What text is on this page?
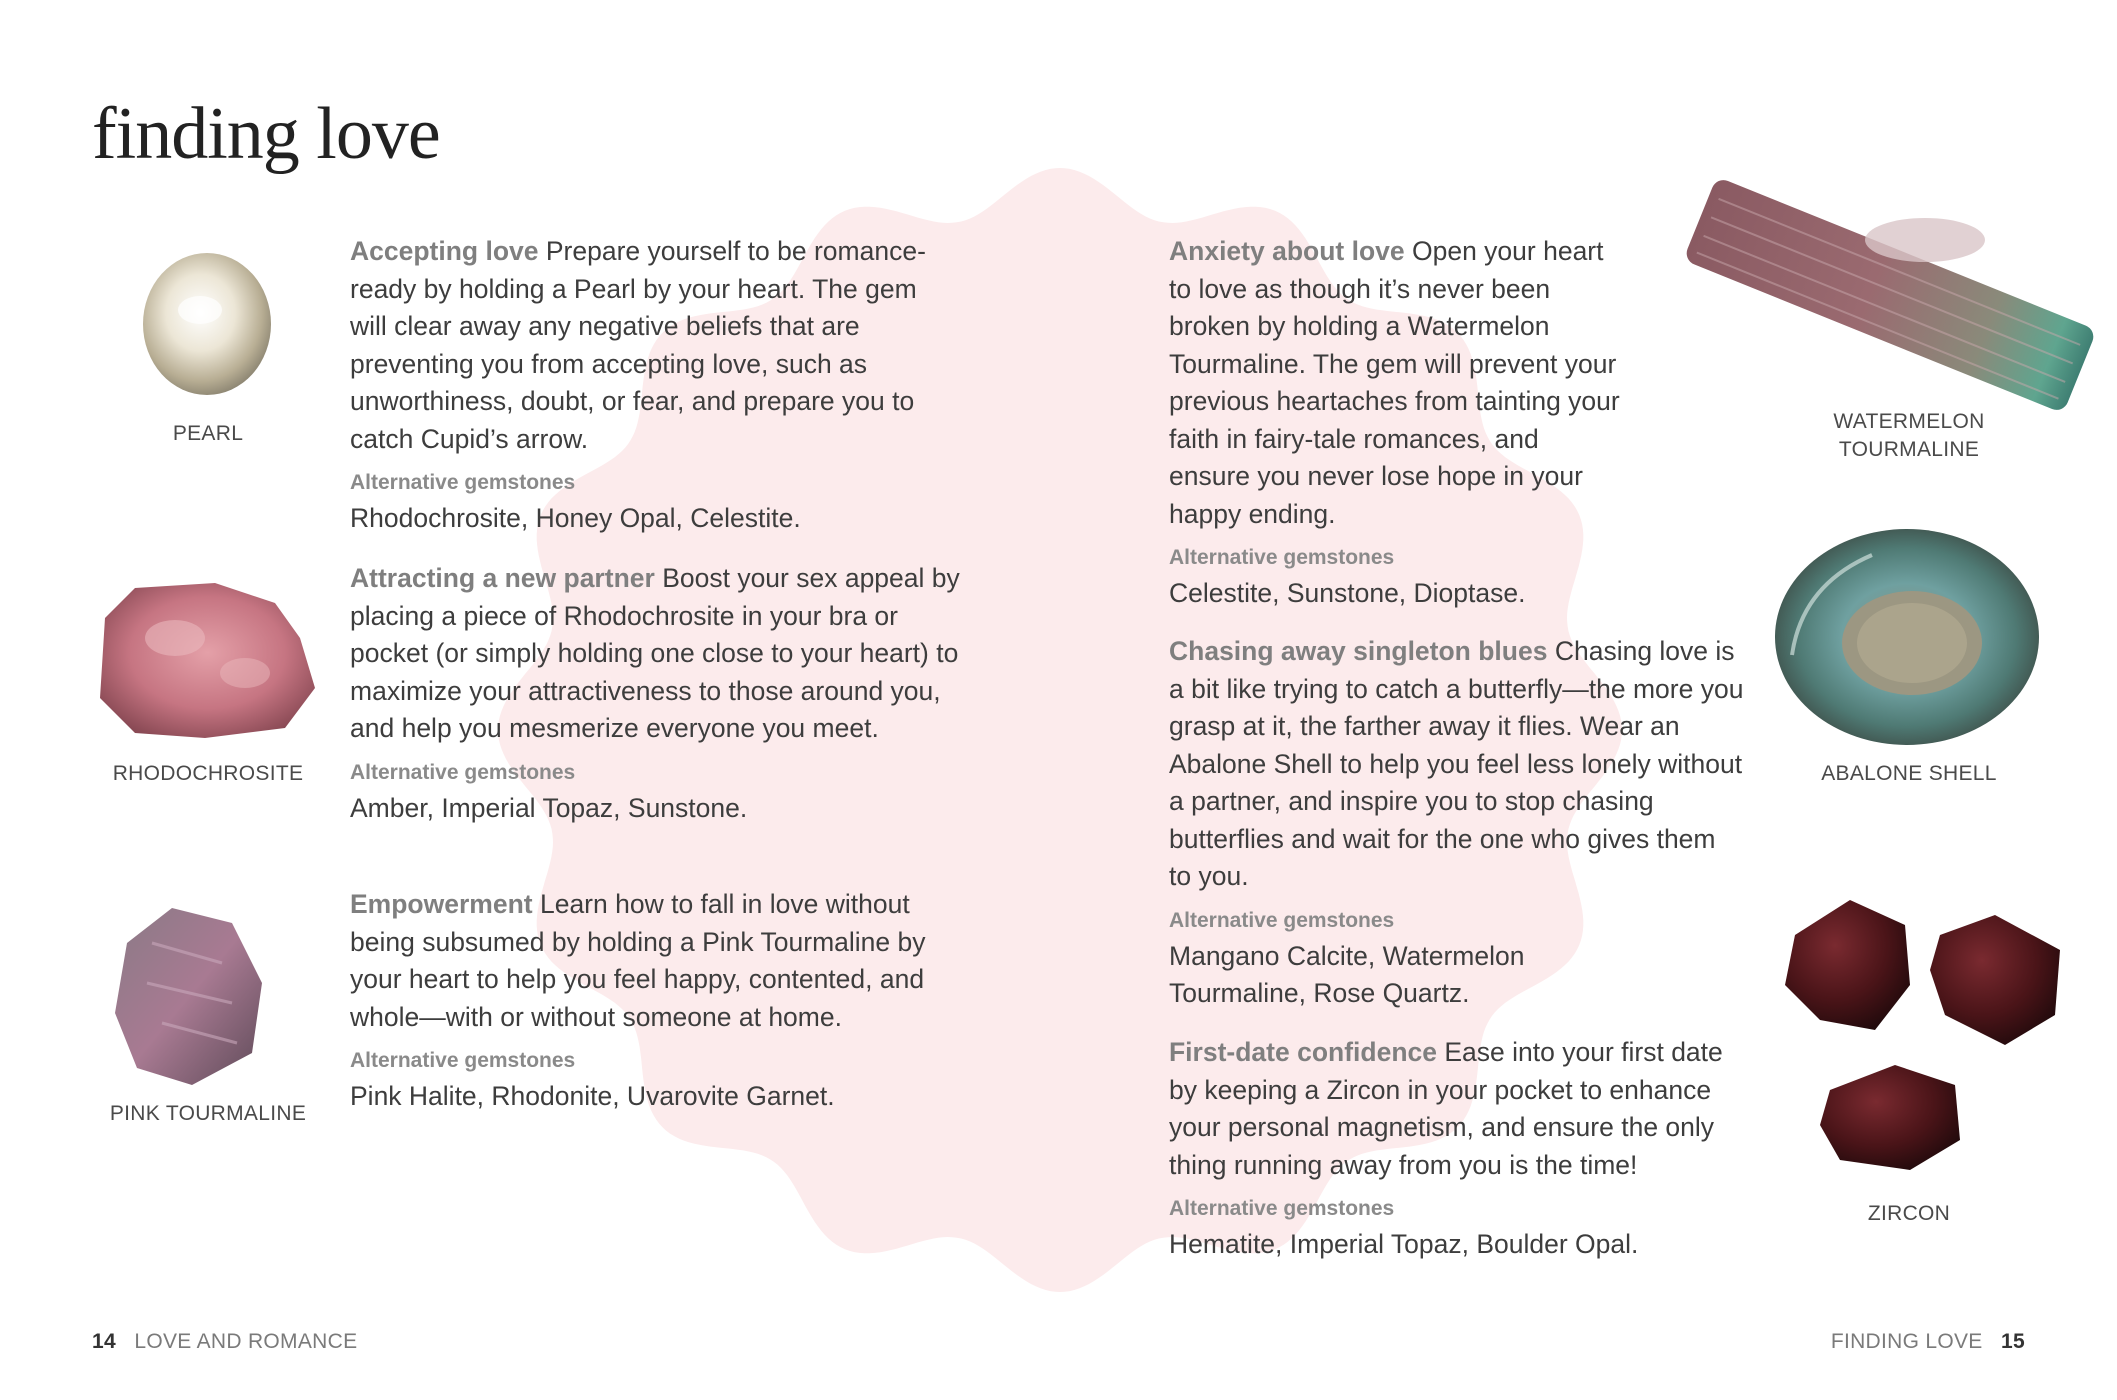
finding love
PEARL
RHODOCHROSITE
PINK TOURMALINE
WATERMELON
TOURMALINE
ABALONE SHELL
ZIRCON

Accepting love Prepare yourself to be romance-ready by holding a Pearl by your heart. The gem will clear away any negative beliefs that are preventing you from accepting love, such as unworthiness, doubt, or fear, and prepare you to catch Cupid’s arrow.

Alternative gemstones
Rhodochrosite, Honey Opal, Celestite.

Attracting a new partner Boost your sex appeal by placing a piece of Rhodochrosite in your bra or pocket (or simply holding one close to your heart) to maximize your attractiveness to those around you, and help you mesmerize everyone you meet.

Alternative gemstones
Amber, Imperial Topaz, Sunstone.

Empowerment Learn how to fall in love without being subsumed by holding a Pink Tourmaline by your heart to help you feel happy, contented, and whole—with or without someone at home.

Alternative gemstones
Pink Halite, Rhodonite, Uvarovite Garnet.

Anxiety about love Open your heart to love as though it’s never been broken by holding a Watermelon Tourmaline. The gem will prevent your previous heartaches from tainting your faith in fairy-tale romances, and ensure you never lose hope in your happy ending.

Alternative gemstones
Celestite, Sunstone, Dioptase.

Chasing away singleton blues Chasing love is a bit like trying to catch a butterfly—the more you grasp at it, the farther away it flies. Wear an Abalone Shell to help you feel less lonely without a partner, and inspire you to stop chasing butterflies and wait for the one who gives them to you.

Alternative gemstones
Mangano Calcite, Watermelon Tourmaline, Rose Quartz.

First-date confidence Ease into your first date by keeping a Zircon in your pocket to enhance your personal magnetism, and ensure the only thing running away from you is the time!

Alternative gemstones
Hematite, Imperial Topaz, Boulder Opal.
14 LOVE AND ROMANCE	FINDING LOVE 15
